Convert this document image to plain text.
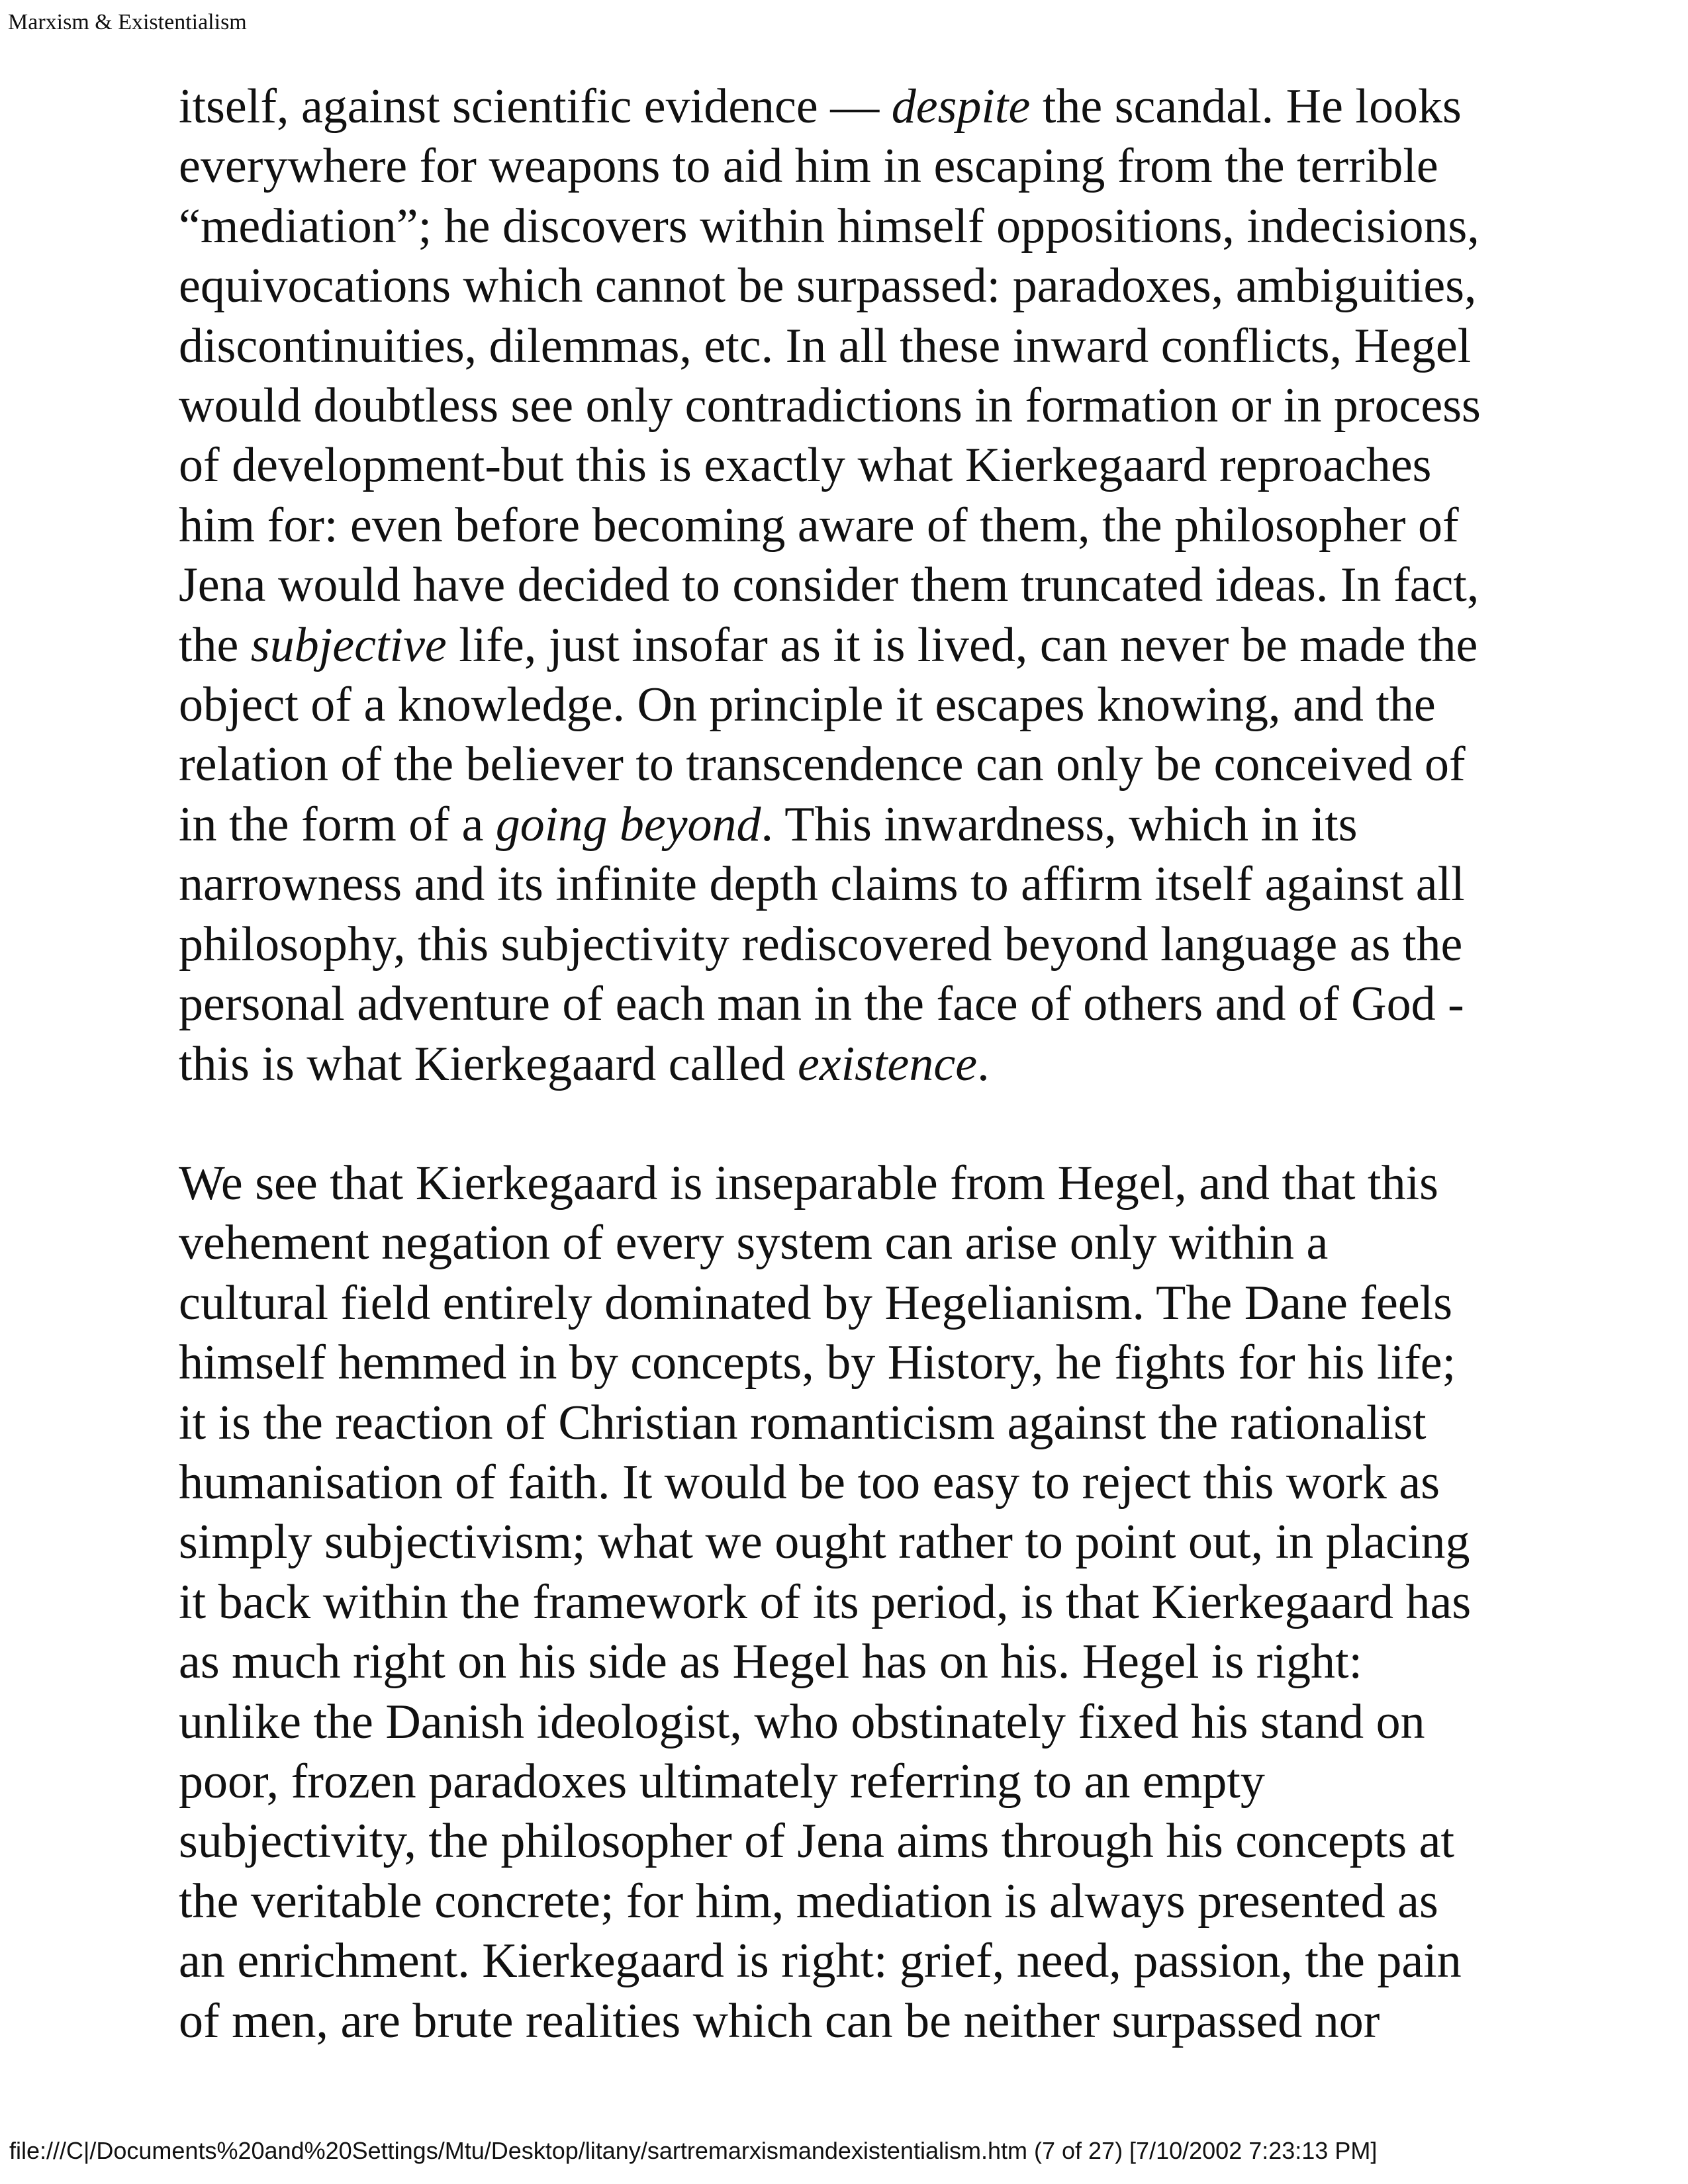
Marxism & Existentialism

itself, against scientific evidence — despite the scandal. He looks
everywhere for weapons to aid him in escaping from the terrible
“mediation”; he discovers within himself oppositions, indecisions,
equivocations which cannot be surpassed: paradoxes, ambiguities,
discontinuities, dilemmas, etc. In all these inward conflicts, Hegel
would doubtless see only contradictions in formation or in process
of development-but this is exactly what Kierkegaard reproaches
him for: even before becoming aware of them, the philosopher of
Jena would have decided to consider them truncated ideas. In fact,
the subjective life, just insofar as it is lived, can never be made the
object of a knowledge. On principle it escapes knowing, and the
relation of the believer to transcendence can only be conceived of
in the form of a going beyond. This inwardness, which in its
narrowness and its infinite depth claims to affirm itself against all
philosophy, this subjectivity rediscovered beyond language as the
personal adventure of each man in the face of others and of God -
this is what Kierkegaard called existence.

We see that Kierkegaard is inseparable from Hegel, and that this
vehement negation of every system can arise only within a
cultural field entirely dominated by Hegelianism. The Dane feels
himself hemmed in by concepts, by History, he fights for his life;
it is the reaction of Christian romanticism against the rationalist
humanisation of faith. It would be too easy to reject this work as
simply subjectivism; what we ought rather to point out, in placing
it back within the framework of its period, is that Kierkegaard has
as much right on his side as Hegel has on his. Hegel is right:
unlike the Danish ideologist, who obstinately fixed his stand on
poor, frozen paradoxes ultimately referring to an empty
subjectivity, the philosopher of Jena aims through his concepts at
the veritable concrete; for him, mediation is always presented as
an enrichment. Kierkegaard is right: grief, need, passion, the pain
of men, are brute realities which can be neither surpassed nor

file:///C|/Documents%20and%20Settings/Mtu/Desktop/litany/sartremarxismandexistentialism.htm (7 of 27) [7/10/2002 7:23:13 PM]
